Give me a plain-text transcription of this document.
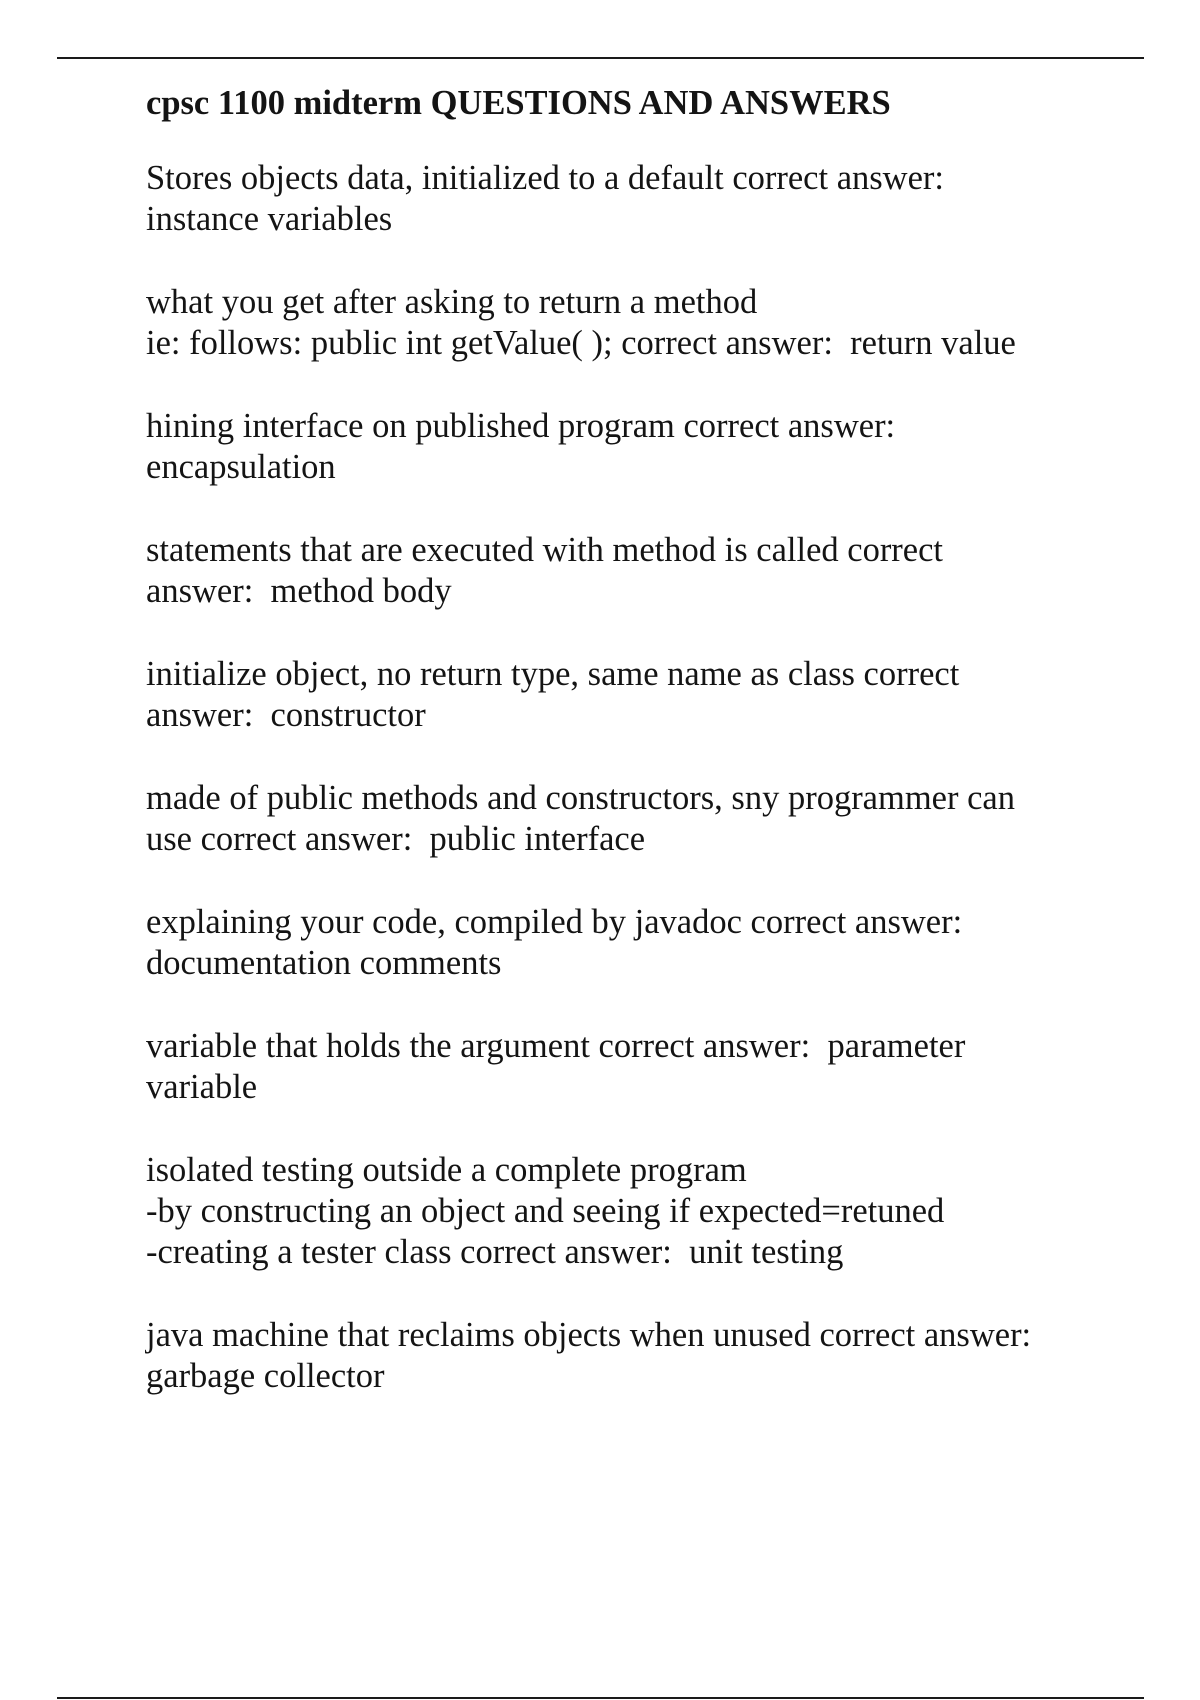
cpsc 1100 midterm QUESTIONS AND ANSWERS
Stores objects data, initialized to a default correct answer:
instance variables
what you get after asking to return a method
ie: follows: public int getValue( ); correct answer:  return value
hining interface on published program correct answer:
encapsulation
statements that are executed with method is called correct
answer:  method body
initialize object, no return type, same name as class correct
answer:  constructor
made of public methods and constructors, sny programmer can
use correct answer:  public interface
explaining your code, compiled by javadoc correct answer:
documentation comments
variable that holds the argument correct answer:  parameter
variable
isolated testing outside a complete program
-by constructing an object and seeing if expected=retuned
-creating a tester class correct answer:  unit testing
java machine that reclaims objects when unused correct answer:
garbage collector
